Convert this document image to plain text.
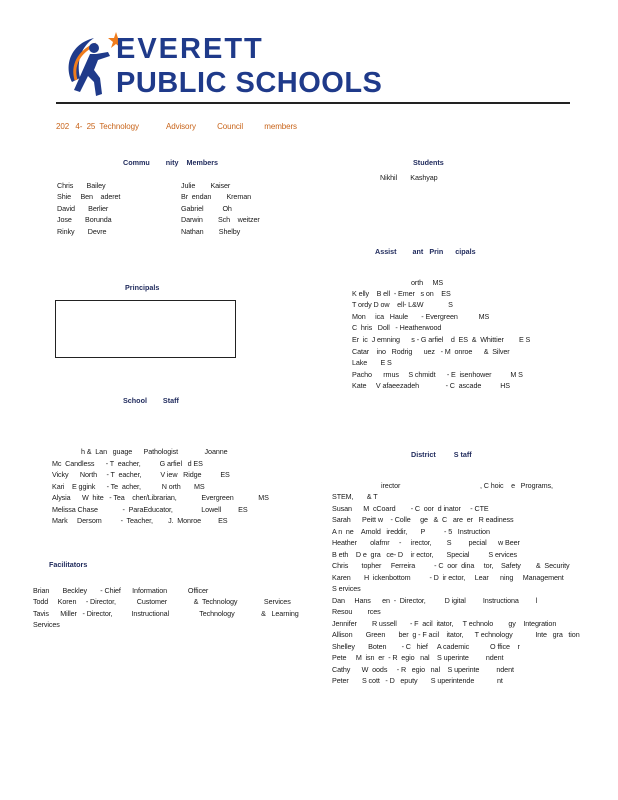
EVERETT
PUBLIC SCHOOLS
202   4-  25  Technology             Advisory          Council          members
Commu        nity    Members
Chris       Bailey
Shie     Ben    aderet
David       Berlier
Jose       Borunda
Rinky       Devre
Julie        Kaiser
Br  endan        Kreman
Gabriel          Oh
Darwin        Sch    weitzer
Nathan        Shelby
Students
Nikhil       Kashyap
Assist        ant   Prin      cipals
orth     MS
K elly    B ell  - Emer   s on    ES
T ordy D ow    ell- L&W             S
Mon     ica   Haule       - Evergreen           MS
C  hris   Doll   - Heatherwood
Er  ic  J emning      s - G arfiel    d  ES  &  Whittier        E S
Catar    ino   Rodrig      uez   - M  onroe      &  Silver
Lake       E S
Pacho      rmus     S chmidt      - E  isenhower          M S
Kate     V afaeezadeh              - C  ascade          HS
Principals
School        Staff
h &  Lan   guage      Pathologist              Joanne
Mc  Candless      - T  eacher,          G arfiel   d ES
Vicky      North     - T  eacher,          V iew   Ridge          ES
Kari    E ggink      - Te  acher,           N orth       MS
Alysia      W  hite   - Tea    cher/Librarian,             Evergreen             MS
Melissa Chase             -  ParaEducator,               Lowell         ES
Mark     Dersom          -  Teacher,        J.  Monroe         ES
Facilitators
Brian       Beckley       - Chief      Information           Officer
Todd     Koren     - Director,           Customer              &  Technology              Services
Tavis      Miller   - Director,          Instructional                Technology              &   Learning
Services
District         S taff
irector                                          , C hoic    e   Programs,
STEM,       & T
Susan      M  cCoard        - C  oor  d inator     - CTE
Sarah      Peitt w    - Colle     ge   &  C   are  er   R eadiness
A n  ne    Amold   ireddir,       P          - 5   Instruction
Heather       olafmr     -     irector,        S         pecial      w Beer
B eth    D e  gra   ce- D    ir ector,       Special          S ervices
Chris       topher     Ferreira          - C  oor  dina     tor,    Safety        &  Security
Karen       H  ickenbottom          - D  ir ector,     Lear      ning     Management
S ervices
Dan     Hans      en  -  Director,          D igital         Instructiona         l
Resou        rces
Jennifer        R ussell       - F  acil  itator,     T echnolo        gy    Integration
Allison       Green       ber  g - F acil    itator,      T echnology            Inte   gra   tion
Shelley       Boten        - C   hief     A cademic           O ffice    r
Pete     M  isn  er  - R  egio   nal    S uperinte         ndent
Cathy      W  oods     - R   egio   nal    S uperinte         ndent
Peter       S cott   - D   eputy       S uperintende            nt
